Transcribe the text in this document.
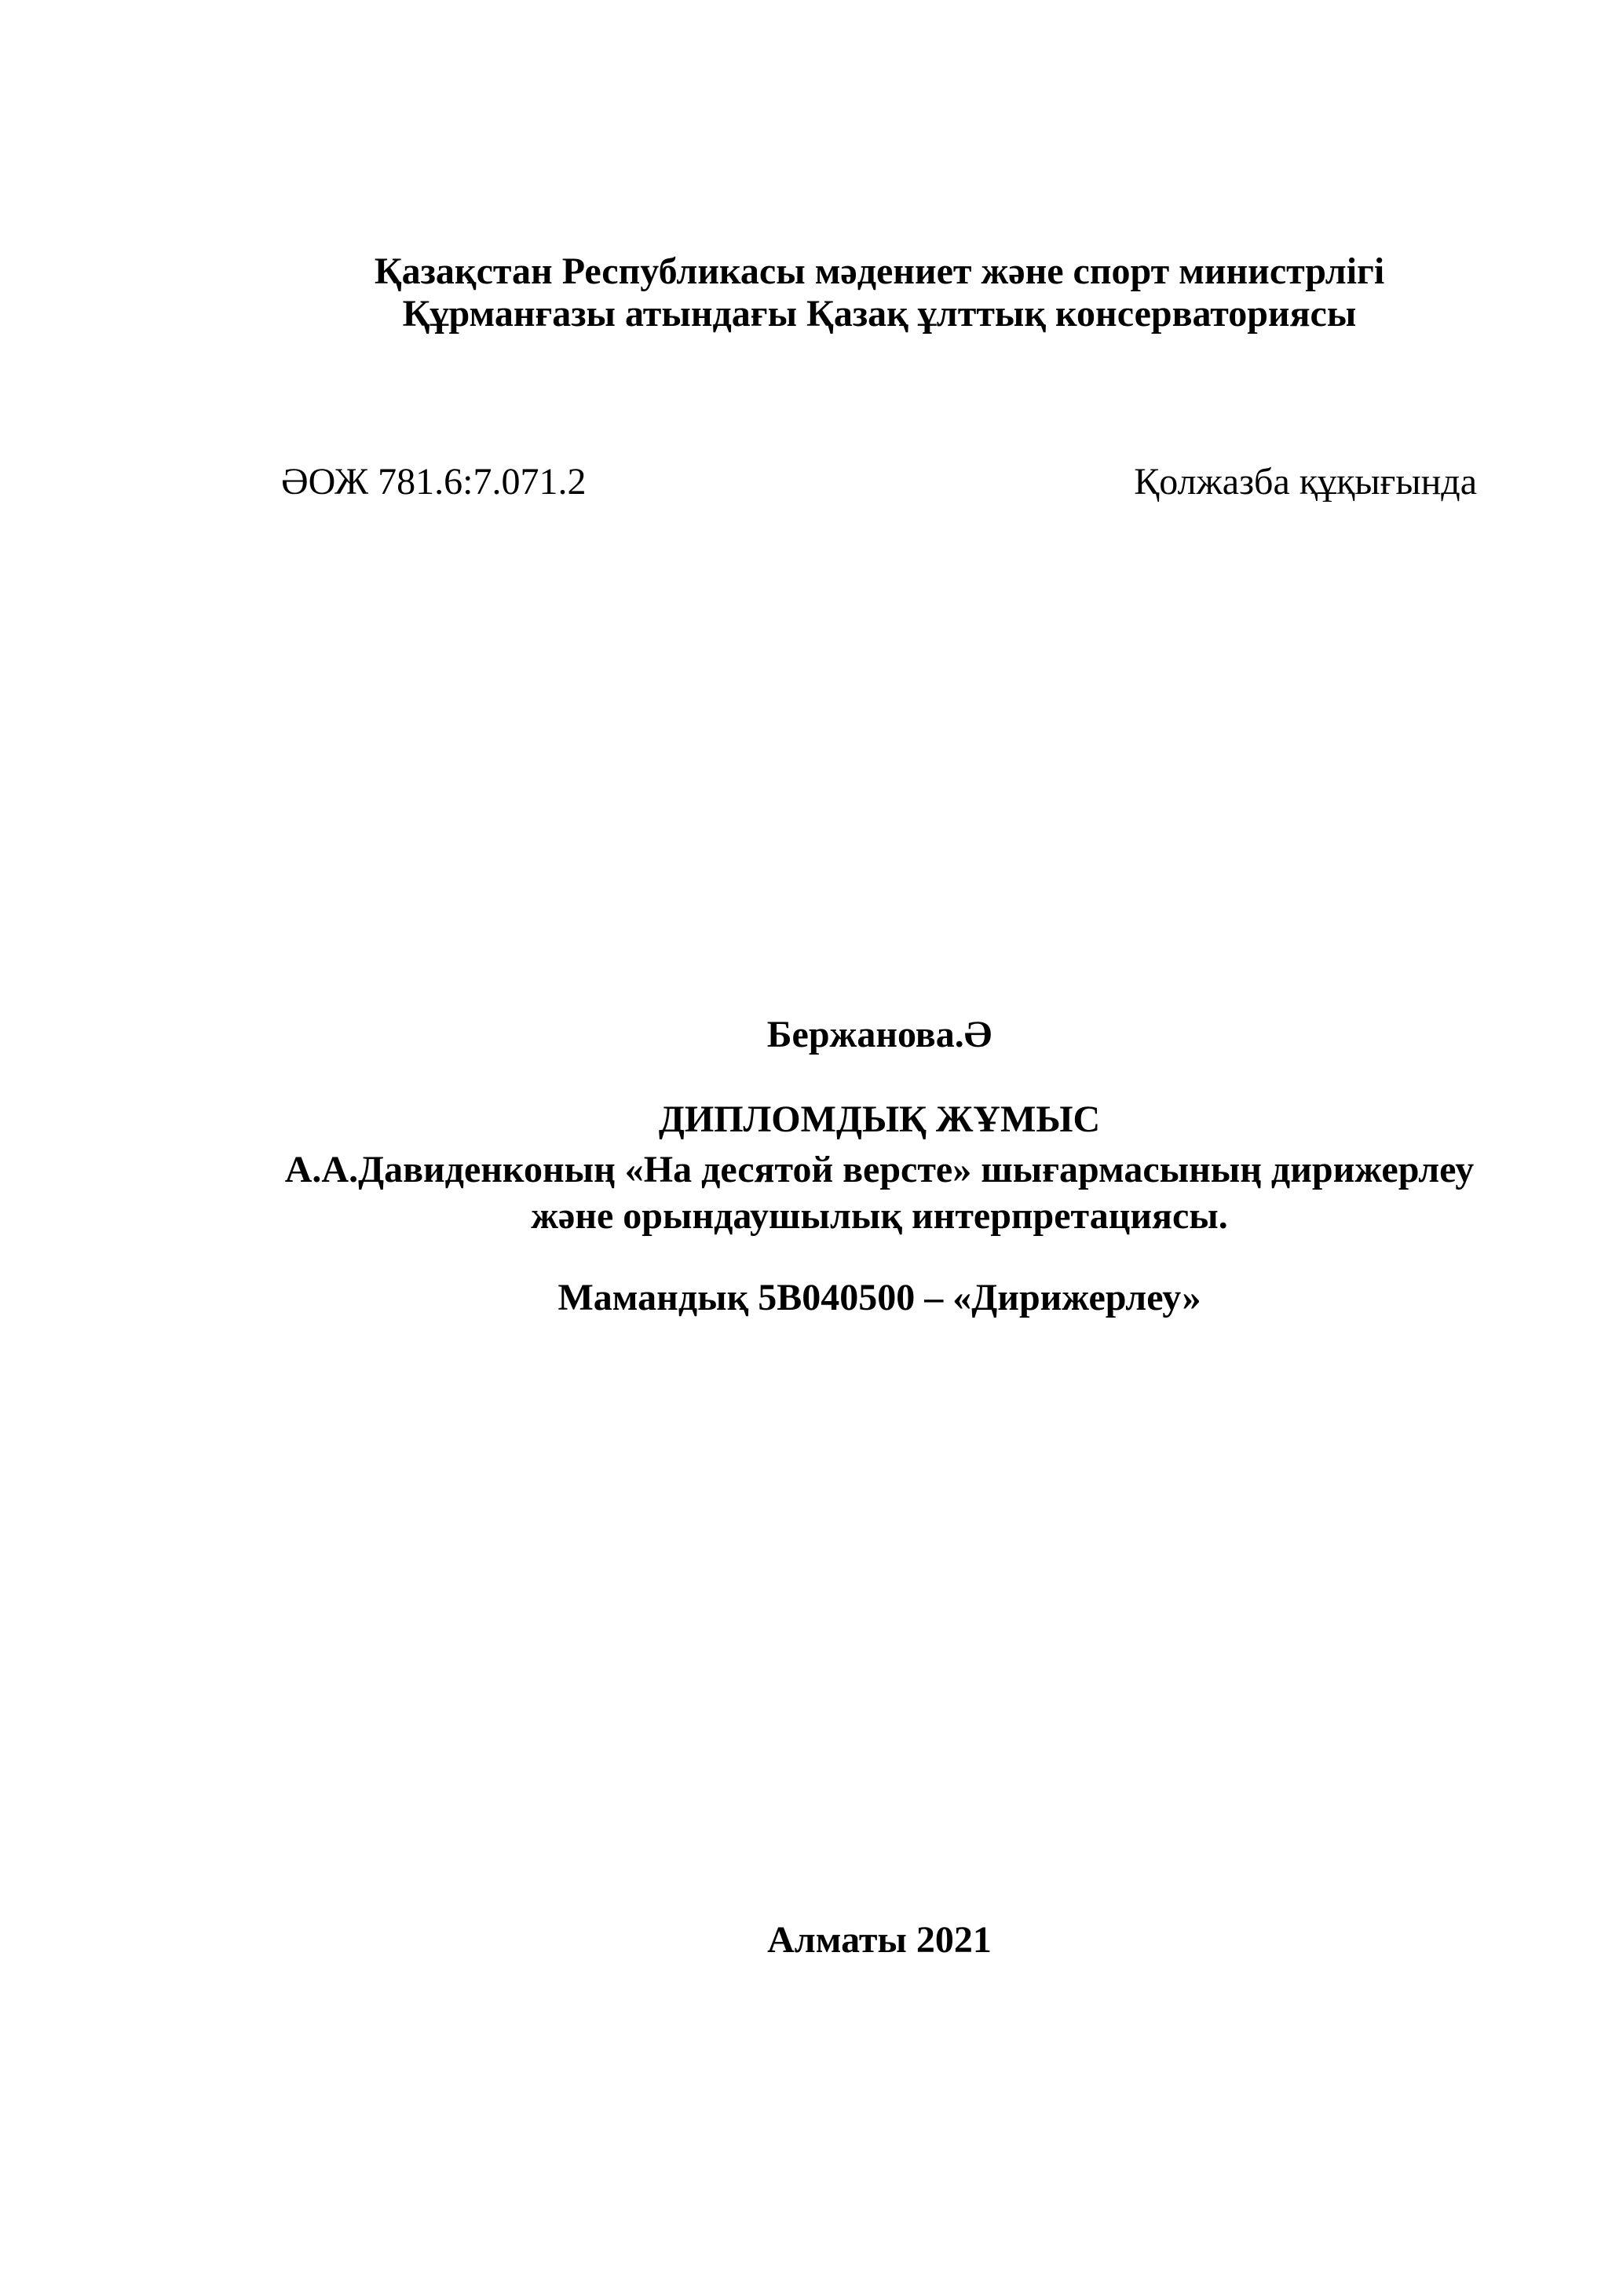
Қазақстан Республикасы мәдениет және спорт министрлігі
Құрманғазы атындағы Қазақ ұлттық консерваториясы
ӘОЖ 781.6:7.071.2	Қолжазба құқығында
Бержанова.Ә
ДИПЛОМДЫҚ ЖҰМЫС
А.А.Давиденконың «На десятой версте» шығармасының дирижерлеу
және орындаушылық интерпретациясы.
Мамандық 5В040500 – «Дирижерлеу»
Алматы 2021
